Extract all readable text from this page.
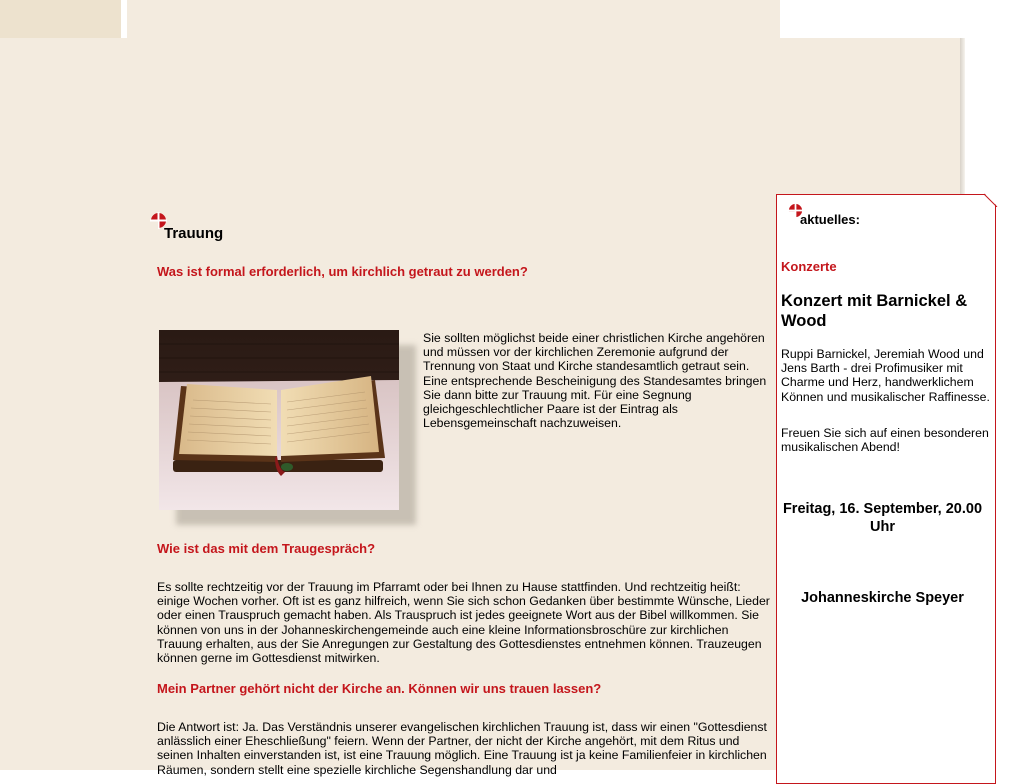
Trauung
Was ist formal erforderlich, um kirchlich getraut zu werden?
Sie sollten möglichst beide einer christlichen Kirche angehören und müssen vor der kirchlichen Zeremonie aufgrund der Trennung von Staat und Kirche standesamtlich getraut sein. Eine entsprechende Bescheinigung des Standesamtes bringen Sie dann bitte zur Trauung mit. Für eine Segnung gleichgeschlechtlicher Paare ist der Eintrag als Lebensgemeinschaft nachzuweisen.
Wie ist das mit dem Traugespräch?
Es sollte rechtzeitig vor der Trauung im Pfarramt oder bei Ihnen zu Hause stattfinden. Und rechtzeitig heißt: einige Wochen vorher. Oft ist es ganz hilfreich, wenn Sie sich schon Gedanken über bestimmte Wünsche, Lieder oder einen Trauspruch gemacht haben. Als Trauspruch ist jedes geeignete Wort aus der Bibel willkommen. Sie können von uns in der Johanneskirchengemeinde auch eine kleine Informationsbroschüre zur kirchlichen Trauung erhalten, aus der Sie Anregungen zur Gestaltung des Gottesdienstes entnehmen können. Trauzeugen können gerne im Gottesdienst mitwirken.
Mein Partner gehört nicht der Kirche an. Können wir uns trauen lassen?
Die Antwort ist: Ja. Das Verständnis unserer evangelischen kirchlichen Trauung ist, dass wir einen "Gottesdienst anlässlich einer Eheschließung" feiern. Wenn der Partner, der nicht der Kirche angehört, mit dem Ritus und seinen Inhalten einverstanden ist, ist eine Trauung möglich. Eine Trauung ist ja keine Familienfeier in kirchlichen Räumen, sondern stellt eine spezielle kirchliche Segenshandlung dar und
aktuelles:
Konzerte
Konzert mit Barnickel & Wood
Ruppi Barnickel, Jeremiah Wood und Jens Barth - drei Profimusiker mit Charme und Herz, handwerklichem Können und musikalischer Raffinesse.
Freuen Sie sich auf einen besonderen musikalischen Abend!
Freitag, 16. September, 20.00 Uhr
Johanneskirche Speyer
